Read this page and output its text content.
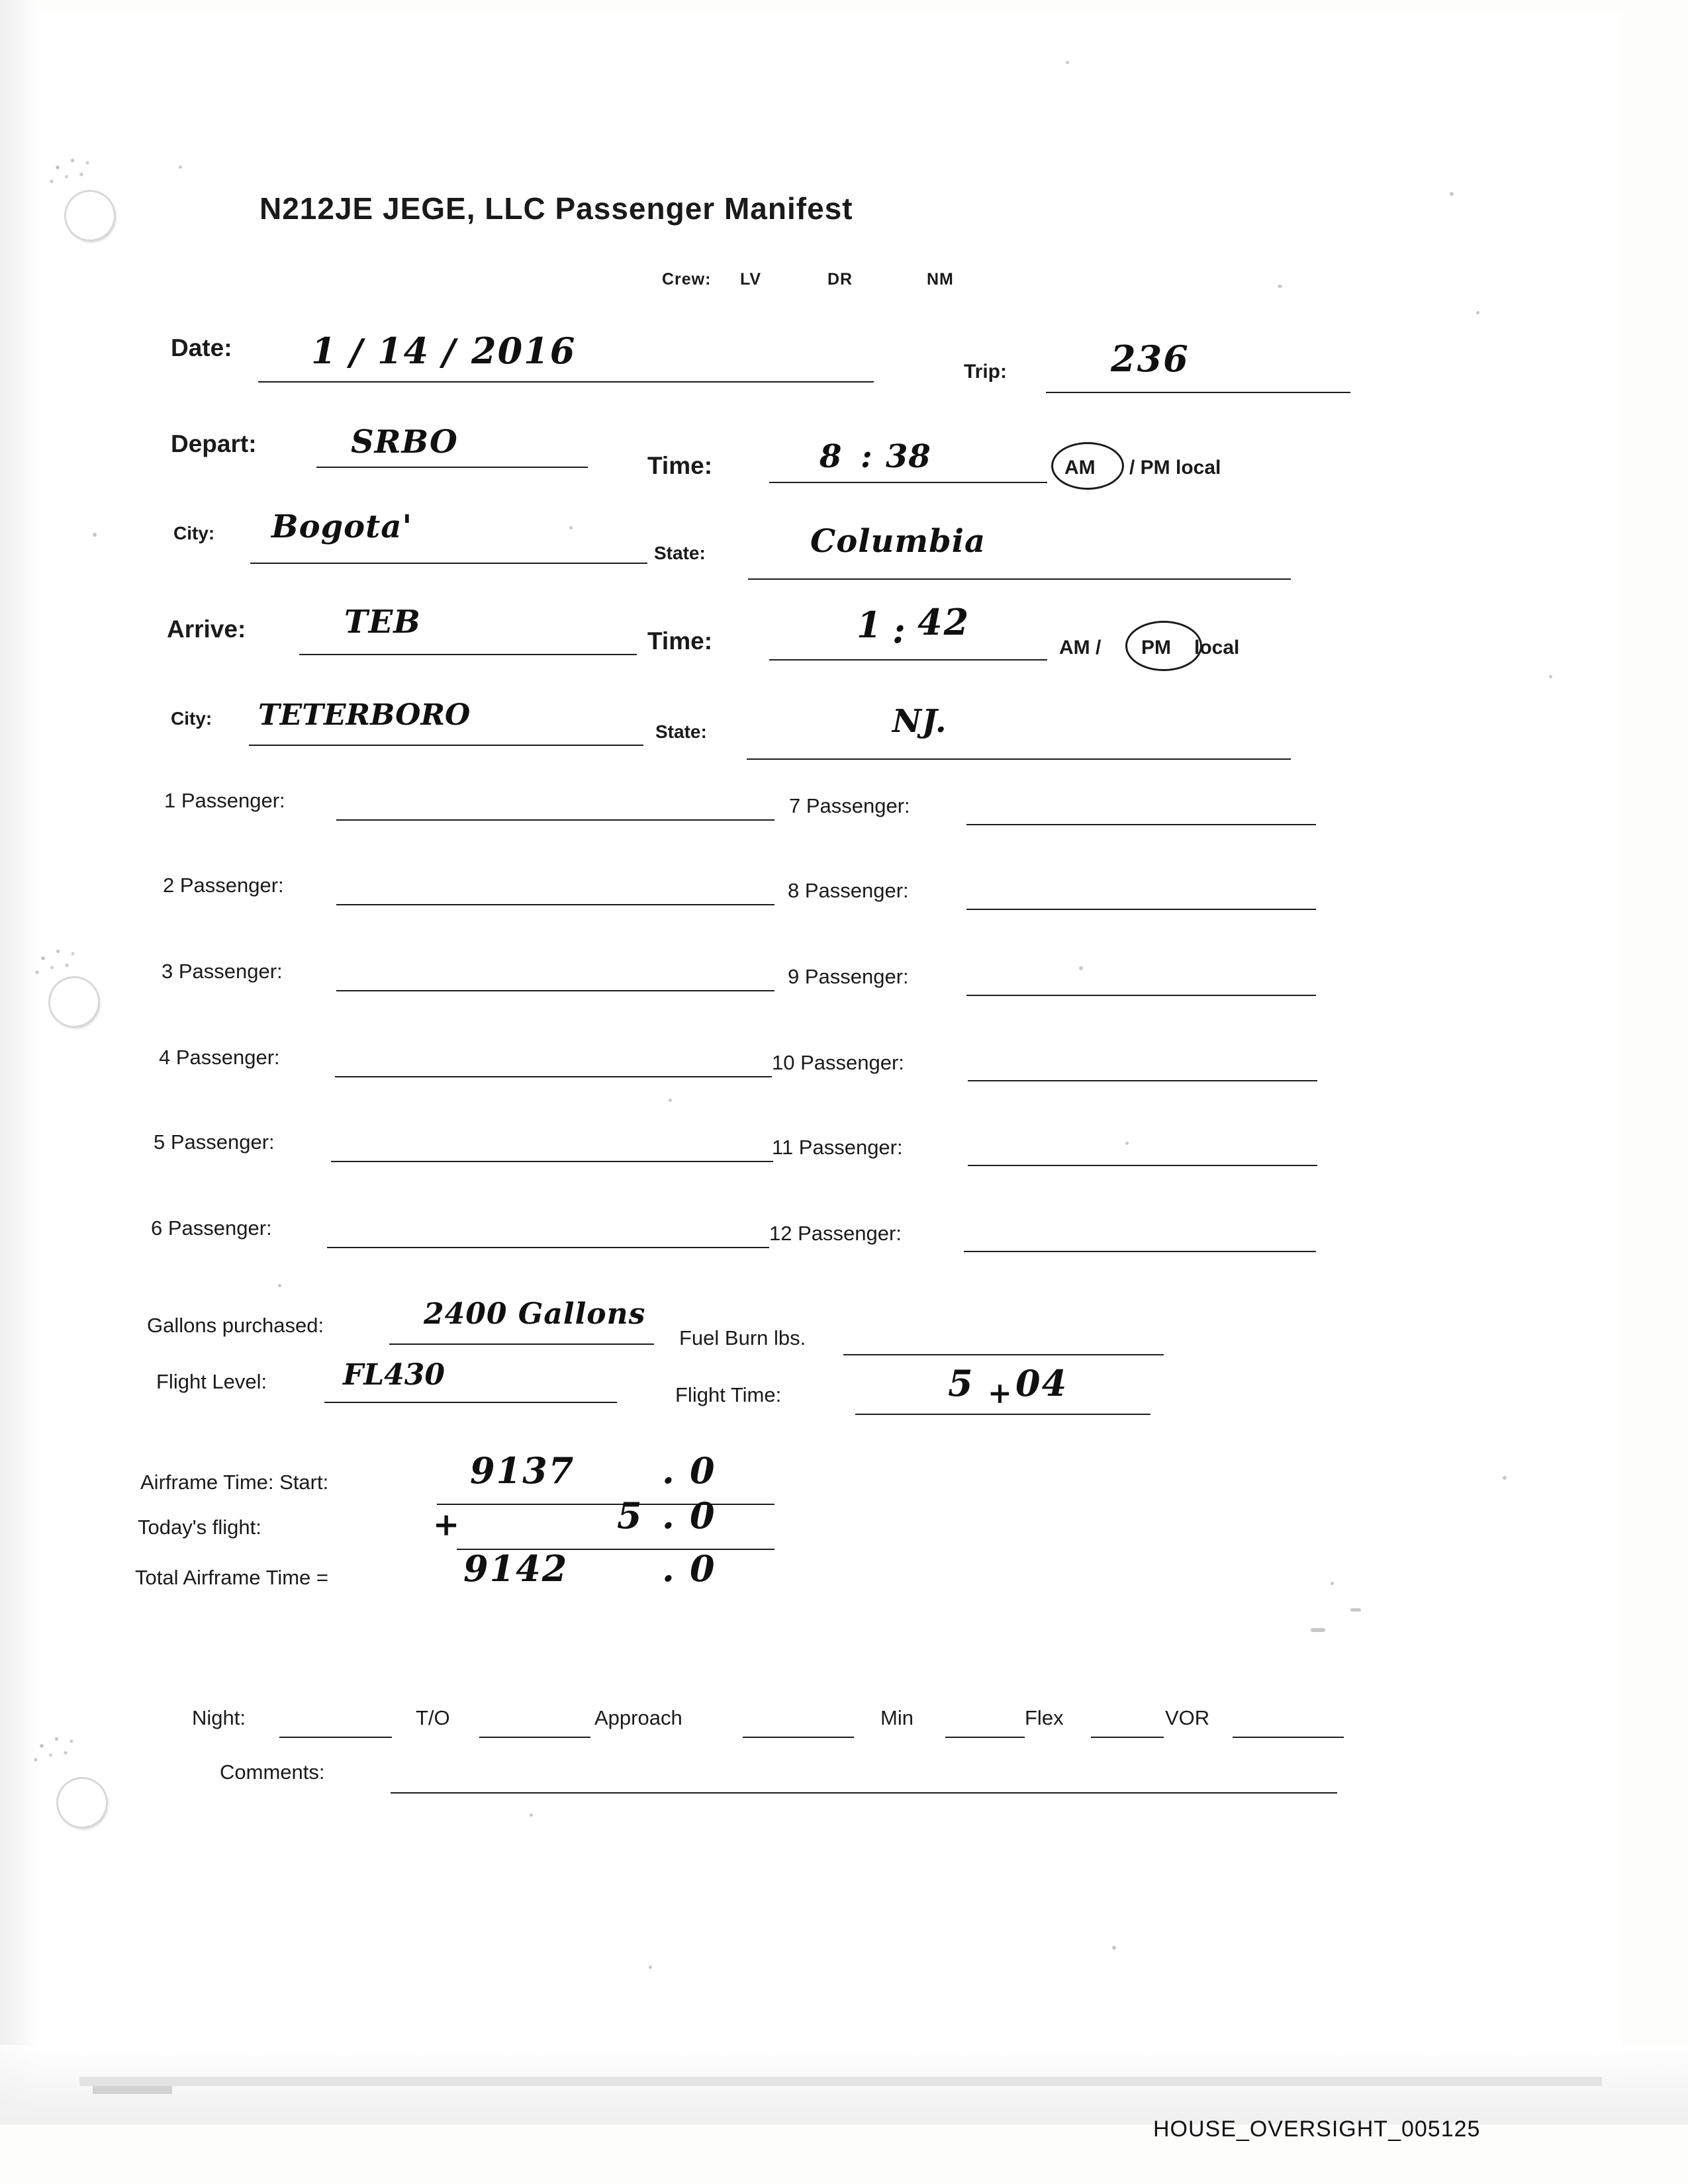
N212JE JEGE, LLC Passenger Manifest
Crew: LV	DR	NM
Date: 1 / 14 / 2016	Trip:	236
Depart:	SRBO
Time:	8 : 38	AM / PM local
City: Bogota'
State:	Columbia
Arrive:	TEB
Time:	1 : 42
AM / PM local
City: TETERBORO	State:	NJ.
1 Passenger:	7 Passenger:
2 Passenger:	8 Passenger:
3 Passenger:	9 Passenger:
4 Passenger:	10 Passenger:
5 Passenger:	11 Passenger:
6 Passenger:	12 Passenger:
Gallons purchased:	2400 Gallons
Fuel Burn lbs.
Flight Level:	FL430
Flight Time:	5 + 04
Airframe Time: Start:	9137 . 0
Today's flight:	+	5 . 0
Total Airframe Time =	9142	. 0
Night:	T/O	Approach	Min	Flex	VOR
Comments:
HOUSE_OVERSIGHT_005125
